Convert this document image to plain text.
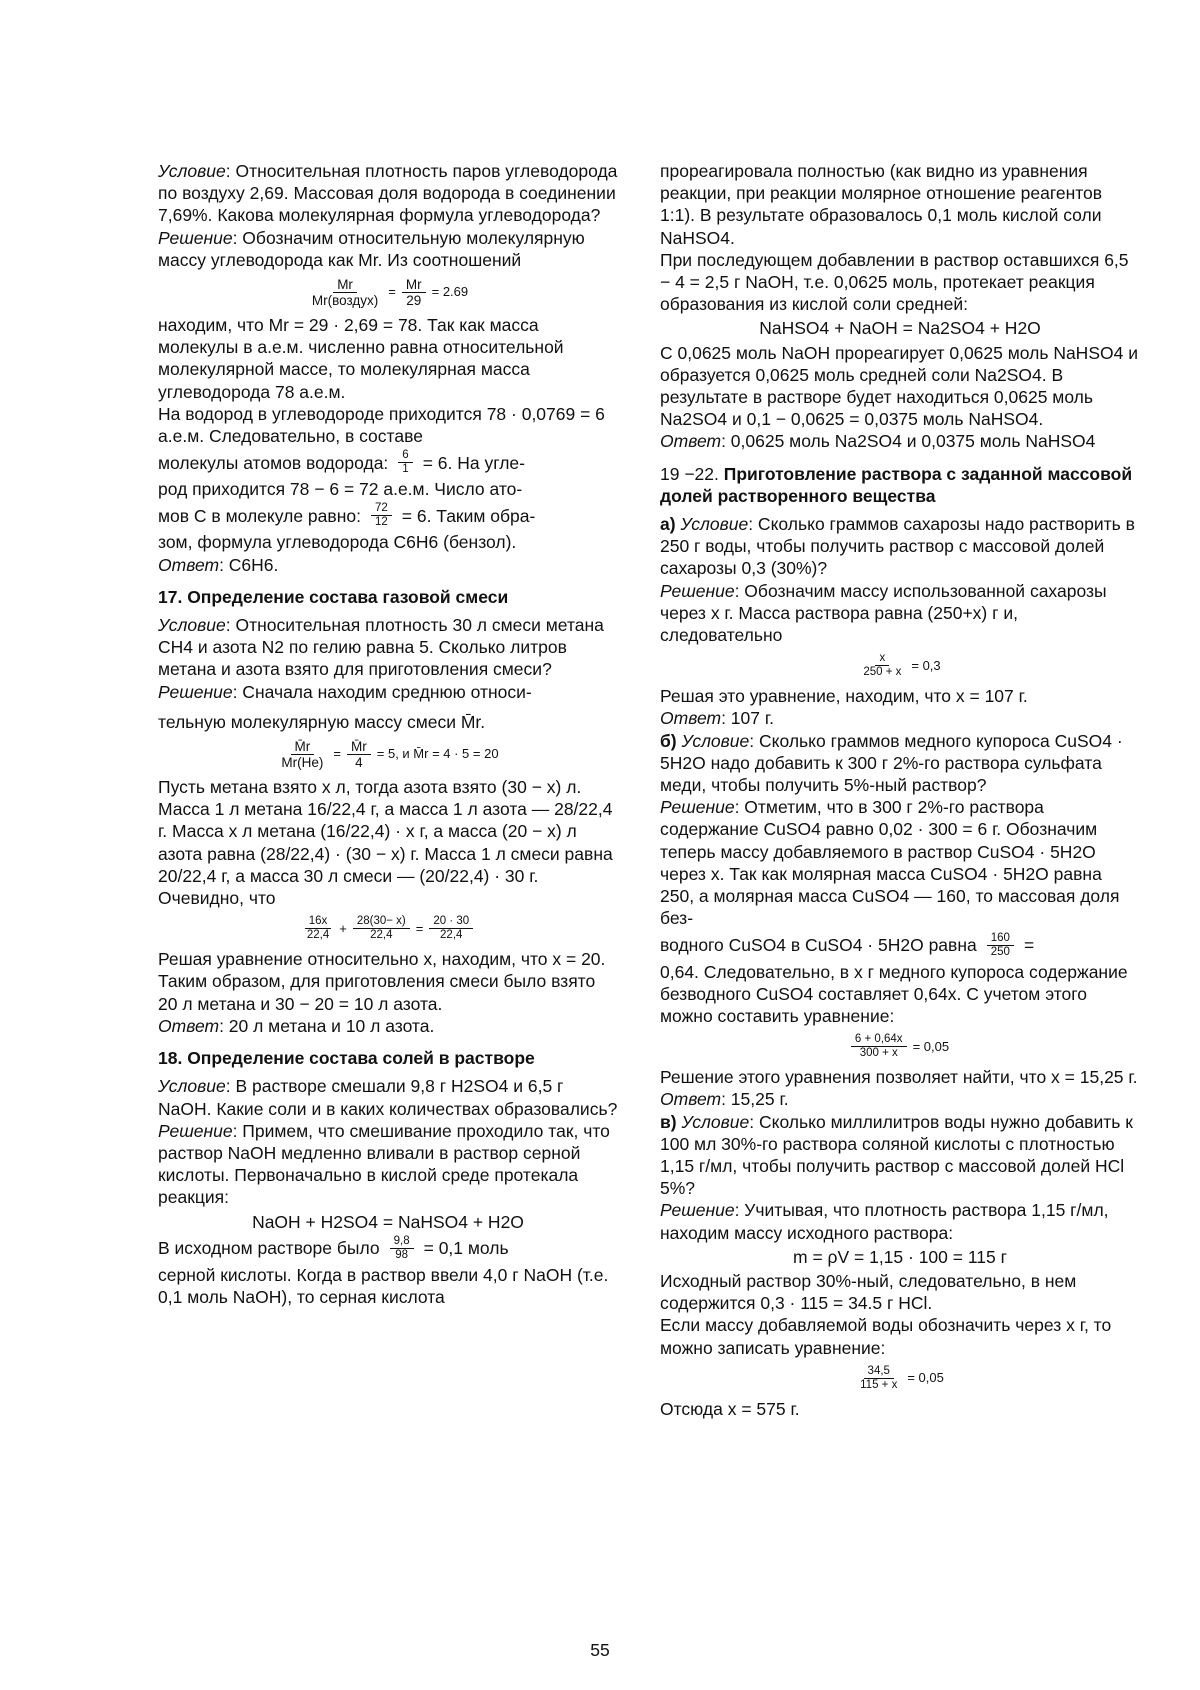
Условие: Относительная плотность паров углеводорода по воздуху 2,69. Массовая доля водорода в соединении 7,69%. Какова молекулярная формула углеводорода?

Решение: Обозначим относительную молекулярную массу углеводорода как Mr. Из соотношений

$\frac{Mr}{\text{Mr(воздух)}} = \frac{Mr}{29} = 2.69$

находим, что Mr = 29 · 2,69 = 78. Так как масса молекулы в а.е.м. численно равна относительной молекулярной массе, то молекулярная масса углеводорода 78 а.е.м.

На водород в углеводороде приходится 78 · 0,0769 = 6 а.е.м. Следовательно, в составе

молекулы атомов водорода: $\frac{6}{1} = 6$. На угле-

род приходится 78 − 6 = 72 а.е.м. Число ато-

мов C в молекуле равно: $\frac{72}{12} = 6$. Таким обра-

зом, формула углеводорода C6H6 (бензол).

Ответ: C6H6.

17. Определение состава газовой смеси

Условие: Относительная плотность 30 л смеси метана CH4 и азота N2 по гелию равна 5. Сколько литров метана и азота взято для приготовления смеси?

Решение: Сначала находим среднюю относи-

тельную молекулярную массу смеси M̄r.

$\frac{M̄r}{Mr(He)} = \frac{M̄r}{4} = 5$, и M̄r = 4 · 5 = 20

Пусть метана взято x л, тогда азота взято (30 − x) л. Масса 1 л метана 16/22,4 г, а масса 1 л азота — 28/22,4 г. Масса x л метана (16/22,4) · x г, а масса (20 − x) л азота равна (28/22,4) · (30 − x) г. Масса 1 л смеси равна 20/22,4 г, а масса 30 л смеси — (20/22,4) · 30 г. Очевидно, что

$\frac{16x}{22,4} + \frac{28(30- x)}{22,4} = \frac{20 \cdot 30}{22,4}$

Решая уравнение относительно x, находим, что x = 20. Таким образом, для приготовления смеси было взято 20 л метана и 30 − 20 = 10 л азота.

Ответ: 20 л метана и 10 л азота.

18. Определение состава солей в растворе

Условие: В растворе смешали 9,8 г H2SO4 и 6,5 г NaOH. Какие соли и в каких количествах образовались?

Решение: Примем, что смешивание проходило так, что раствор NaOH медленно вливали в раствор серной кислоты. Первоначально в кислой среде протекала реакция:

NaOH + H2SO4 = NaHSO4 + H2O

В исходном растворе было $\frac{9,8}{98} = 0,1$ моль

серной кислоты. Когда в раствор ввели 4,0 г NaOH (т.е. 0,1 моль NaOH), то серная кислота

прореагировала полностью (как видно из уравнения реакции, при реакции молярное отношение реагентов 1:1). В результате образовалось 0,1 моль кислой соли NaHSO4.

При последующем добавлении в раствор оставшихся 6,5 − 4 = 2,5 г NaOH, т.е. 0,0625 моль, протекает реакция образования из кислой соли средней:

NaHSO4 + NaOH = Na2SO4 + H2O

С 0,0625 моль NaOH прореагирует 0,0625 моль NaHSO4 и образуется 0,0625 моль средней соли Na2SO4. В результате в растворе будет находиться 0,0625 моль Na2SO4 и 0,1 − 0,0625 = 0,0375 моль NaHSO4.

Ответ: 0,0625 моль Na2SO4 и 0,0375 моль NaHSO4

19 −22. Приготовление раствора с заданной массовой долей растворенного вещества

а) Условие: Сколько граммов сахарозы надо растворить в 250 г воды, чтобы получить раствор с массовой долей сахарозы 0,3 (30%)?

Решение: Обозначим массу использованной сахарозы через x г. Масса раствора равна (250+x) г и, следовательно

$\frac{x}{250 + x} = 0,3$

Решая это уравнение, находим, что x = 107 г.

Ответ: 107 г.

б) Условие: Сколько граммов медного купороса CuSO4 · 5H2O надо добавить к 300 г 2%-го раствора сульфата меди, чтобы получить 5%-ный раствор?

Решение: Отметим, что в 300 г 2%-го раствора содержание CuSO4 равно 0,02 · 300 = 6 г. Обозначим теперь массу добавляемого в раствор CuSO4 · 5H2O через x. Так как молярная масса CuSO4 · 5H2O равна 250, а молярная масса CuSO4 — 160, то массовая доля без-

водного CuSO4 в CuSO4 · 5H2O равна $\frac{160}{250}$ =

0,64. Следовательно, в x г медного купороса содержание безводного CuSO4 составляет 0,64x. С учетом этого можно составить уравнение:

$\frac{6 + 0,64x}{300 + x} = 0,05$

Решение этого уравнения позволяет найти, что x = 15,25 г.

Ответ: 15,25 г.

в) Условие: Сколько миллилитров воды нужно добавить к 100 мл 30%-го раствора соляной кислоты с плотностью 1,15 г/мл, чтобы получить раствор с массовой долей HCl 5%?

Решение: Учитывая, что плотность раствора 1,15 г/мл, находим массу исходного раствора:

m = ρV = 1,15 · 100 = 115 г

Исходный раствор 30%-ный, следовательно, в нем содержится 0,3 · 115 = 34.5 г HCl.

Если массу добавляемой воды обозначить через x г, то можно записать уравнение:

$\frac{34,5}{115 + x} = 0,05$

Отсюда x = 575 г.

55
